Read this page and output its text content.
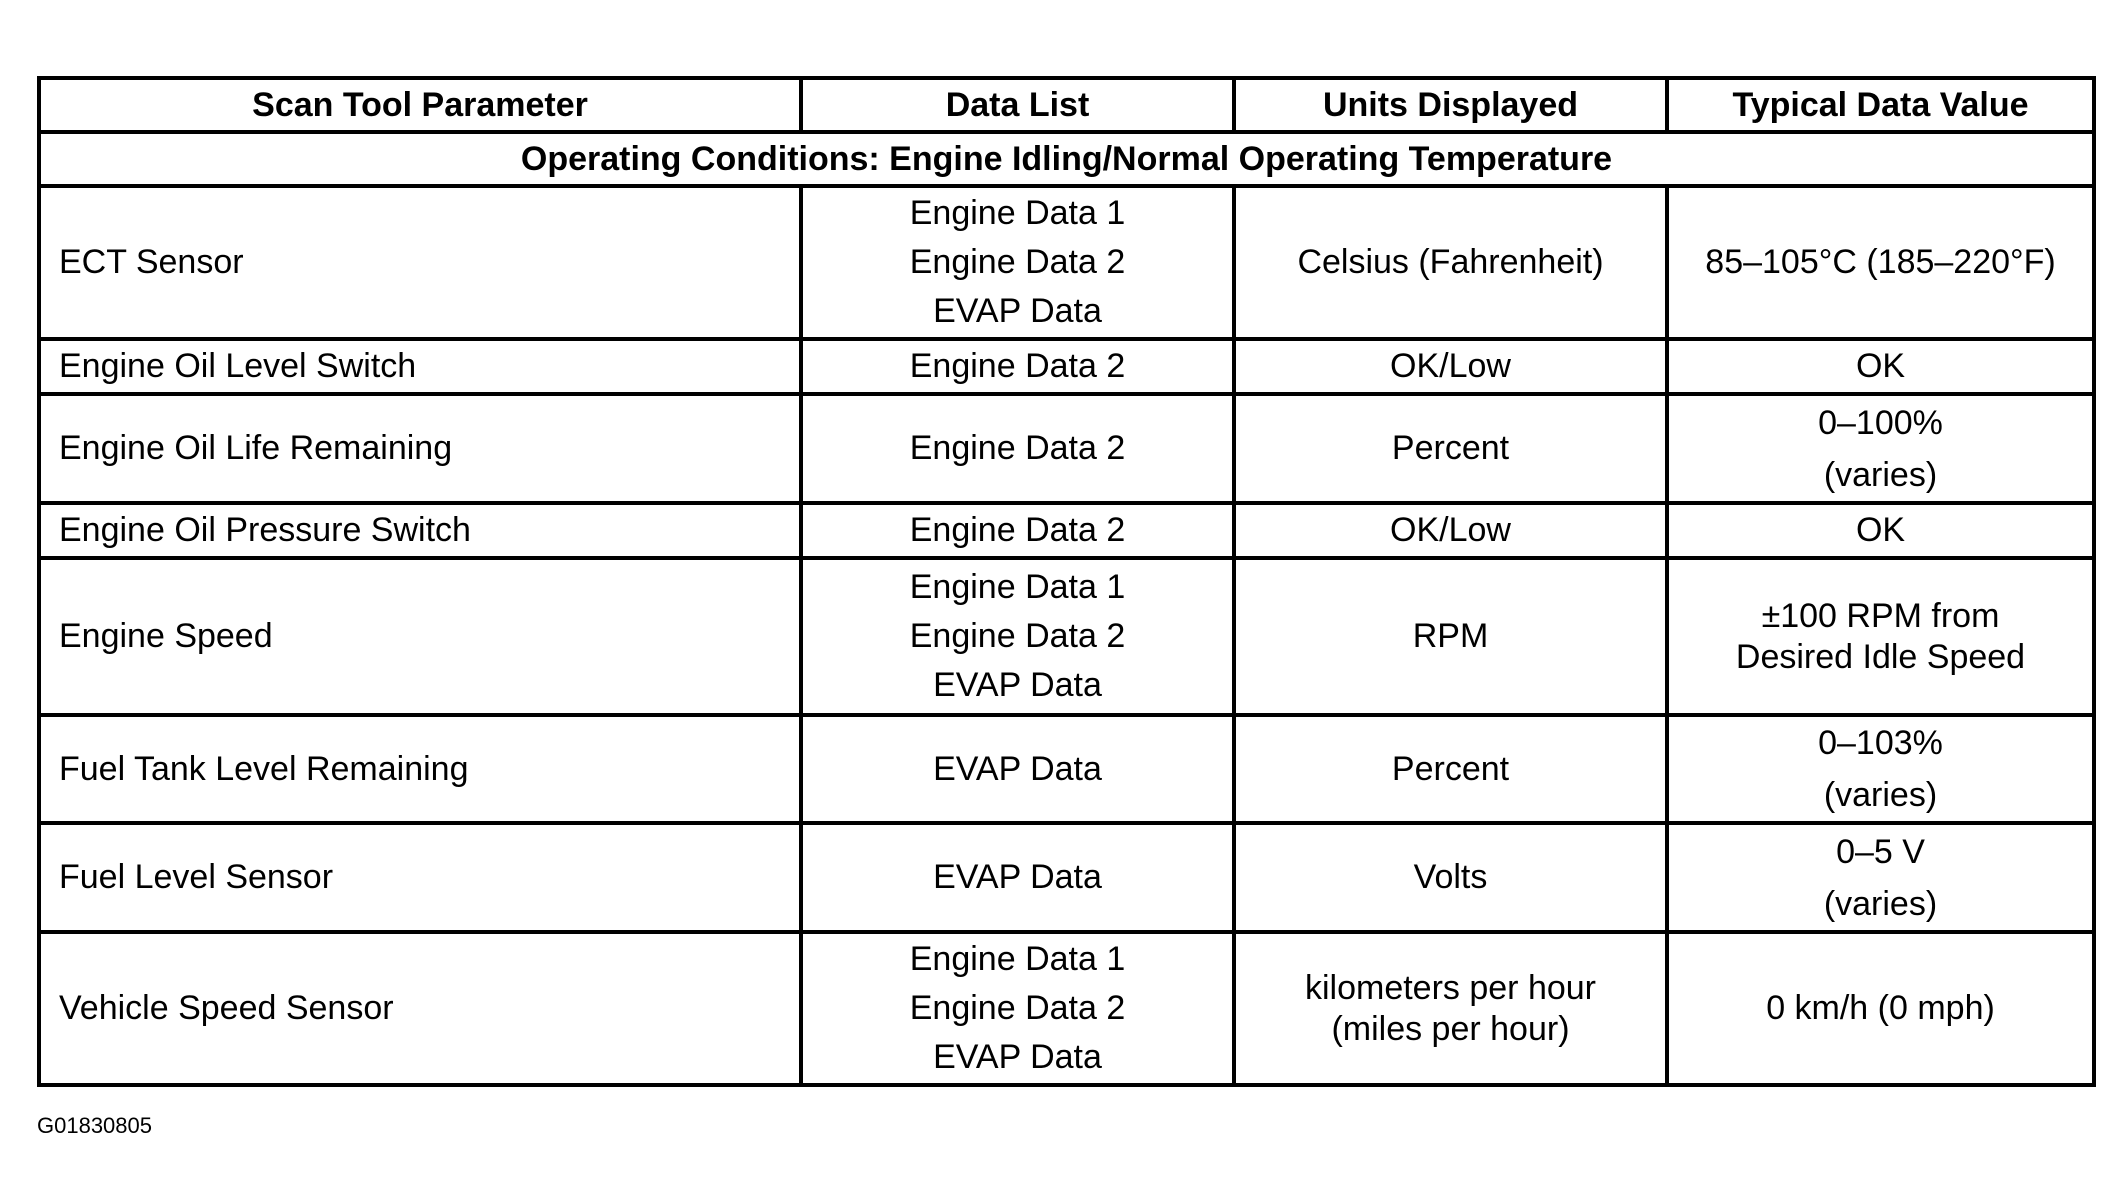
Scan Tool Parameter	Data List	Units Displayed	Typical Data Value
Operating Conditions: Engine Idling/Normal Operating Temperature			
ECT Sensor	Engine Data 1
Engine Data 2
EVAP Data	Celsius (Fahrenheit)	85–105°C (185–220°F)

Engine Oil Level Switch	Engine Data 2	OK/Low	OK

Engine Oil Life Remaining	Engine Data 2	Percent	0–100%
(varies)

Engine Oil Pressure Switch	Engine Data 2	OK/Low	OK

Engine Speed	Engine Data 1
Engine Data 2
EVAP Data	RPM	±100 RPM from
Desired Idle Speed

Fuel Tank Level Remaining	EVAP Data	Percent	0–103%
(varies)

Fuel Level Sensor	EVAP Data	Volts	0–5 V
(varies)

Vehicle Speed Sensor	Engine Data 1
Engine Data 2
EVAP Data	kilometers per hour
(miles per hour)	0 km/h (0 mph)
G01830805
